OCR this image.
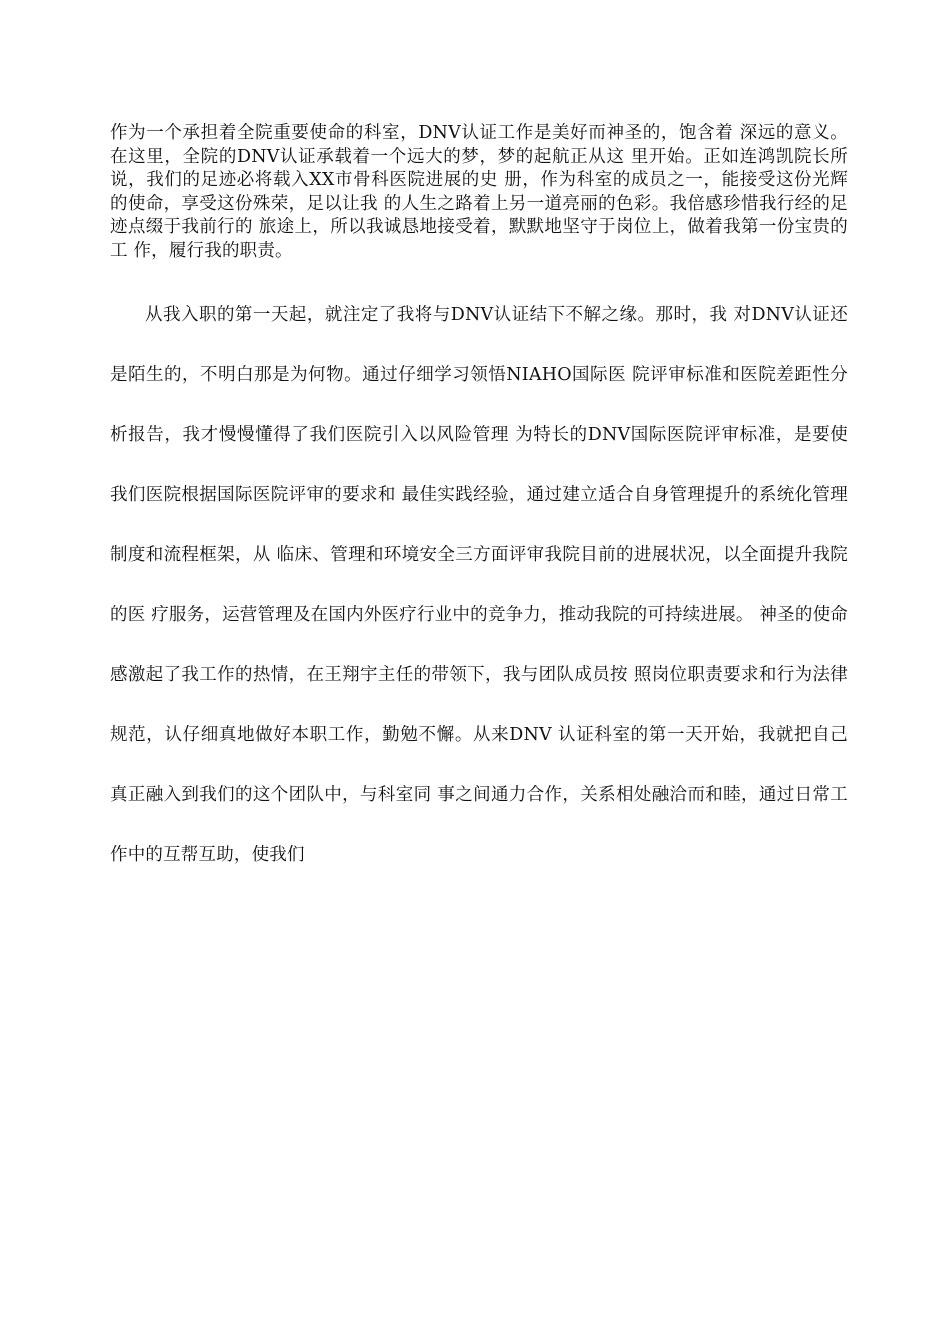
作为一个承担着全院重要使命的科室，DNV认证工作是美好而神圣的，饱含着 深远的意义。在这里，全院的DNV认证承载着一个远大的梦，梦的起航正从这 里开始。正如连鸿凯院长所说，我们的足迹必将载入XX市骨科医院进展的史 册，作为科室的成员之一，能接受这份光辉的使命，享受这份殊荣，足以让我 的人生之路着上另一道亮丽的色彩。我倍感珍惜我行经的足迹点缀于我前行的 旅途上，所以我诚恳地接受着，默默地坚守于岗位上，做着我第一份宝贵的工 作，履行我的职责。

从我入职的第一天起，就注定了我将与DNV认证结下不解之缘。那时，我 对DNV认证还是陌生的，不明白那是为何物。通过仔细学习领悟NIAHO国际医 院评审标准和医院差距性分析报告，我才慢慢懂得了我们医院引入以风险管理 为特长的DNV国际医院评审标准，是要使我们医院根据国际医院评审的要求和 最佳实践经验，通过建立适合自身管理提升的系统化管理制度和流程框架，从 临床、管理和环境安全三方面评审我院目前的进展状况，以全面提升我院的医 疗服务，运营管理及在国内外医疗行业中的竞争力，推动我院的可持续进展。 神圣的使命感激起了我工作的热情，在王翔宇主任的带领下，我与团队成员按 照岗位职责要求和行为法律规范，认仔细真地做好本职工作，勤勉不懈。从来DNV 认证科室的第一天开始，我就把自己真正融入到我们的这个团队中，与科室同 事之间通力合作，关系相处融洽而和睦，通过日常工作中的互帮互助，使我们
